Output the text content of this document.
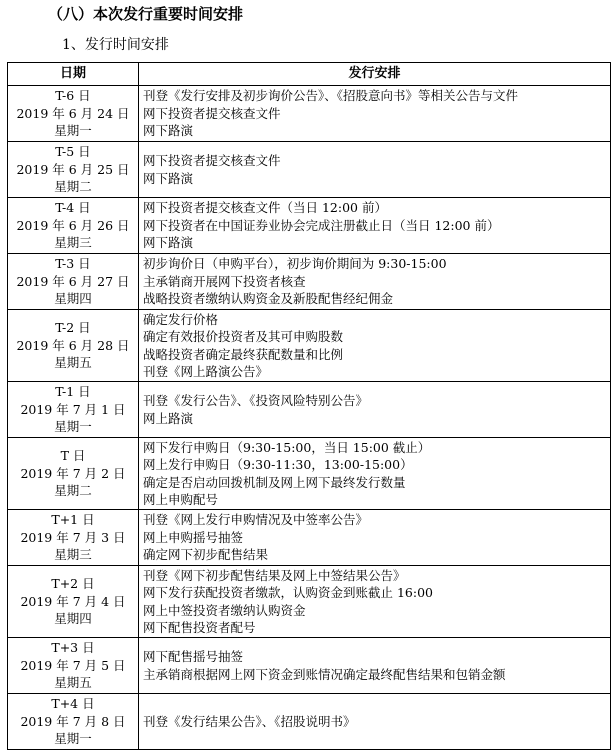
（八）本次发行重要时间安排
1、发行时间安排
日期	发行安排

T-6 日
2019 年 6 月 24 日
星期一	刊登《发行安排及初步询价公告》、《招股意向书》等相关公告与文件
网下投资者提交核查文件
网下路演

T-5 日
2019 年 6 月 25 日
星期二	网下投资者提交核查文件
网下路演

T-4 日
2019 年 6 月 26 日
星期三	网下投资者提交核查文件（当日 12:00 前）
网下投资者在中国证券业协会完成注册截止日（当日 12:00 前）
网下路演

T-3 日
2019 年 6 月 27 日
星期四	初步询价日（申购平台），初步询价期间为 9:30-15:00
主承销商开展网下投资者核查
战略投资者缴纳认购资金及新股配售经纪佣金

T-2 日
2019 年 6 月 28 日
星期五	确定发行价格
确定有效报价投资者及其可申购股数
战略投资者确定最终获配数量和比例
刊登《网上路演公告》

T-1 日
2019 年 7 月 1 日
星期一	刊登《发行公告》、《投资风险特别公告》
网上路演

T 日
2019 年 7 月 2 日
星期二	网下发行申购日（9:30-15:00，当日 15:00 截止）
网上发行申购日（9:30-11:30，13:00-15:00）
确定是否启动回拨机制及网上网下最终发行数量
网上申购配号

T+1 日
2019 年 7 月 3 日
星期三	刊登《网上发行申购情况及中签率公告》
网上申购摇号抽签
确定网下初步配售结果

T+2 日
2019 年 7 月 4 日
星期四	刊登《网下初步配售结果及网上中签结果公告》
网下发行获配投资者缴款，认购资金到账截止 16:00
网上中签投资者缴纳认购资金
网下配售投资者配号

T+3 日
2019 年 7 月 5 日
星期五	网下配售摇号抽签
主承销商根据网上网下资金到账情况确定最终配售结果和包销金额

T+4 日
2019 年 7 月 8 日
星期一	刊登《发行结果公告》、《招股说明书》
